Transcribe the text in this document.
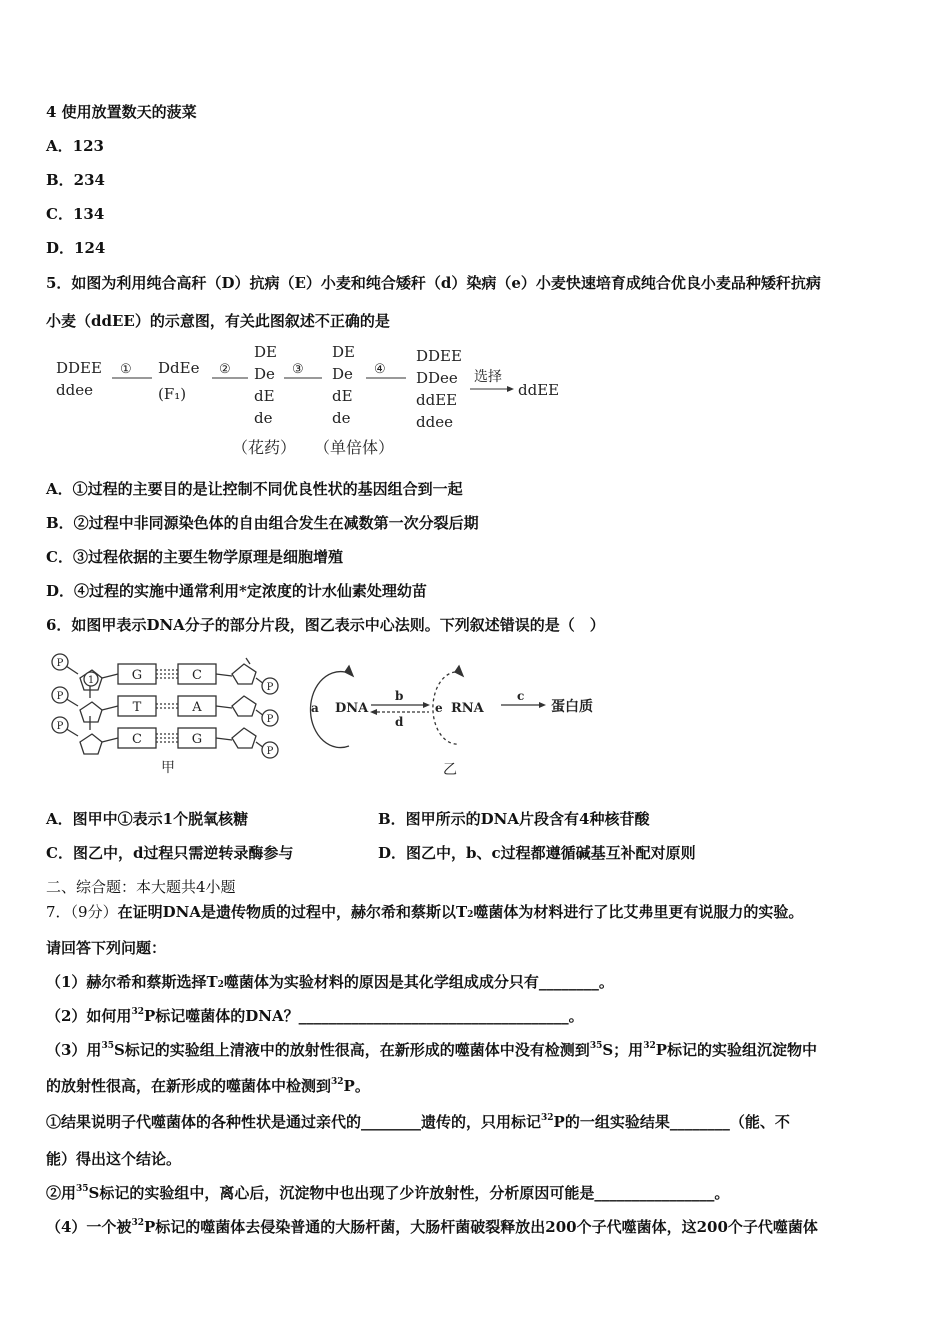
4 使用放置数天的菠菜
A．123
B．234
C．134
D．124
5．如图为利用纯合高秆（D）抗病（E）小麦和纯合矮秆（d）染病（e）小麦快速培育成纯合优良小麦品种矮秆抗病
小麦（ddEE）的示意图，有关此图叙述不正确的是
DDEE
ddee
① DdEe
(F₁)
②
DE
De
dE
de
（花药）
③
DE
De
dE
de
（单倍体）
④
DDEE
DDee
ddEE
ddee
选择
ddEE
A．①过程的主要目的是让控制不同优良性状的基因组合到一起
B．②过程中非同源染色体的自由组合发生在减数第一次分裂后期
C．③过程依据的主要生物学原理是细胞增殖
D．④过程的实施中通常利用*定浓度的计水仙素处理幼苗
6．如图甲表示DNA分子的部分片段，图乙表示中心法则。下列叙述错误的是（　）
P
P
P
1
P
P
P
G
T
C
C
A
G
甲
a DNA
b
d
e RNA
c
蛋白质
乙
A．图甲中①表示1个脱氧核糖	B．图甲所示的DNA片段含有4种核苷酸
C．图乙中，d过程只需逆转录酶参与	D．图乙中，b、c过程都遵循碱基互补配对原则
二、综合题：本大题共4小题
7．（9分）在证明DNA是遗传物质的过程中，赫尔希和蔡斯以$T_2$噬菌体为材料进行了比艾弗里更有说服力的实验。
请回答下列问题：
（1）赫尔希和蔡斯选择$T_2$噬菌体为实验材料的原因是其化学组成成分只有________。
（2）如何用$^{32}$P标记噬菌体的DNA？____________________________________。
（3）用$^{35}$S标记的实验组上清液中的放射性很高，在新形成的噬菌体中没有检测到$^{35}$S；用$^{32}$P标记的实验组沉淀物中
的放射性很高，在新形成的噬菌体中检测到$^{32}$P。
①结果说明子代噬菌体的各种性状是通过亲代的________遗传的，只用标记$^{32}$P的一组实验结果________（能、不
能）得出这个结论。
②用$^{35}$S标记的实验组中，离心后，沉淀物中也出现了少许放射性，分析原因可能是________________。
（4）一个被$^{32}$P标记的噬菌体去侵染普通的大肠杆菌，大肠杆菌破裂释放出200个子代噬菌体，这200个子代噬菌体
